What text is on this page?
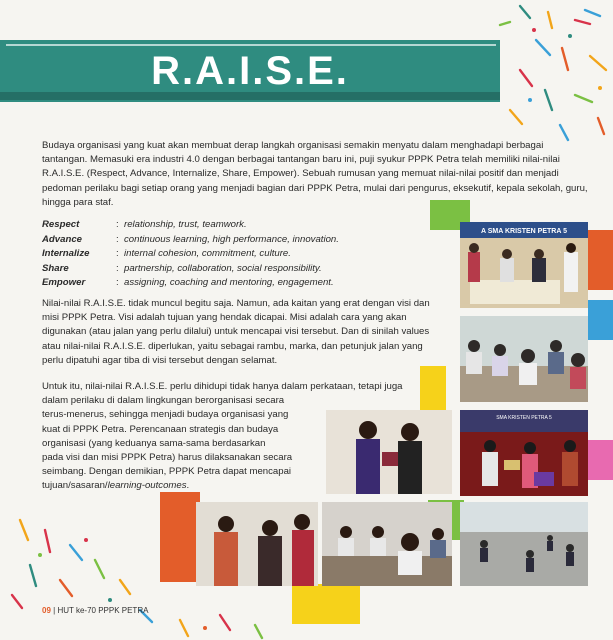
R.A.I.S.E.
Budaya organisasi yang kuat akan membuat derap langkah organisasi semakin menyatu dalam menghadapi berbagai tantangan. Memasuki era industri 4.0 dengan berbagai tantangan baru ini, puji syukur PPPK Petra telah memiliki nilai-nilai R.A.I.S.E. (Respect, Advance, Internalize, Share, Empower). Sebuah rumusan yang memuat nilai-nilai positif dan menjadi pedoman perilaku bagi setiap orang yang menjadi bagian dari PPPK Petra, mulai dari pengurus, eksekutif, kepala sekolah, guru, hingga para staf.
Respect	: relationship, trust, teamwork.
Advance	: continuous learning, high performance, innovation.
Internalize	: internal cohesion, commitment, culture.
Share	: partnership, collaboration, social responsibility.
Empower	: assigning, coaching and mentoring, engagement.
Nilai-nilai R.A.I.S.E. tidak muncul begitu saja. Namun, ada kaitan yang erat dengan visi dan misi PPPK Petra. Visi adalah tujuan yang hendak dicapai. Misi adalah cara yang akan digunakan (atau jalan yang perlu dilalui) untuk mencapai visi tersebut. Dan di sinilah values atau nilai-nilai R.A.I.S.E. diperlukan, yaitu sebagai rambu, marka, dan petunjuk jalan yang perlu dipatuhi agar tiba di visi tersebut dengan selamat.
Untuk itu, nilai-nilai R.A.I.S.E. perlu dihidupi tidak hanya dalam perkataan, tetapi juga
dalam perilaku di dalam lingkungan berorganisasi secara
terus-menerus, sehingga menjadi budaya organisasi yang
kuat di PPPK Petra. Perencanaan strategis dan budaya
organisasi (yang keduanya sama-sama berdasarkan
pada visi dan misi PPPK Petra) harus dilaksanakan secara
seimbang. Dengan demikian, PPPK Petra dapat mencapai
tujuan/sasaran/learning-outcomes.
A SMA KRISTEN PETRA 5
SMA KRISTEN PETRA 5
09 | HUT ke-70 PPPK PETRA
